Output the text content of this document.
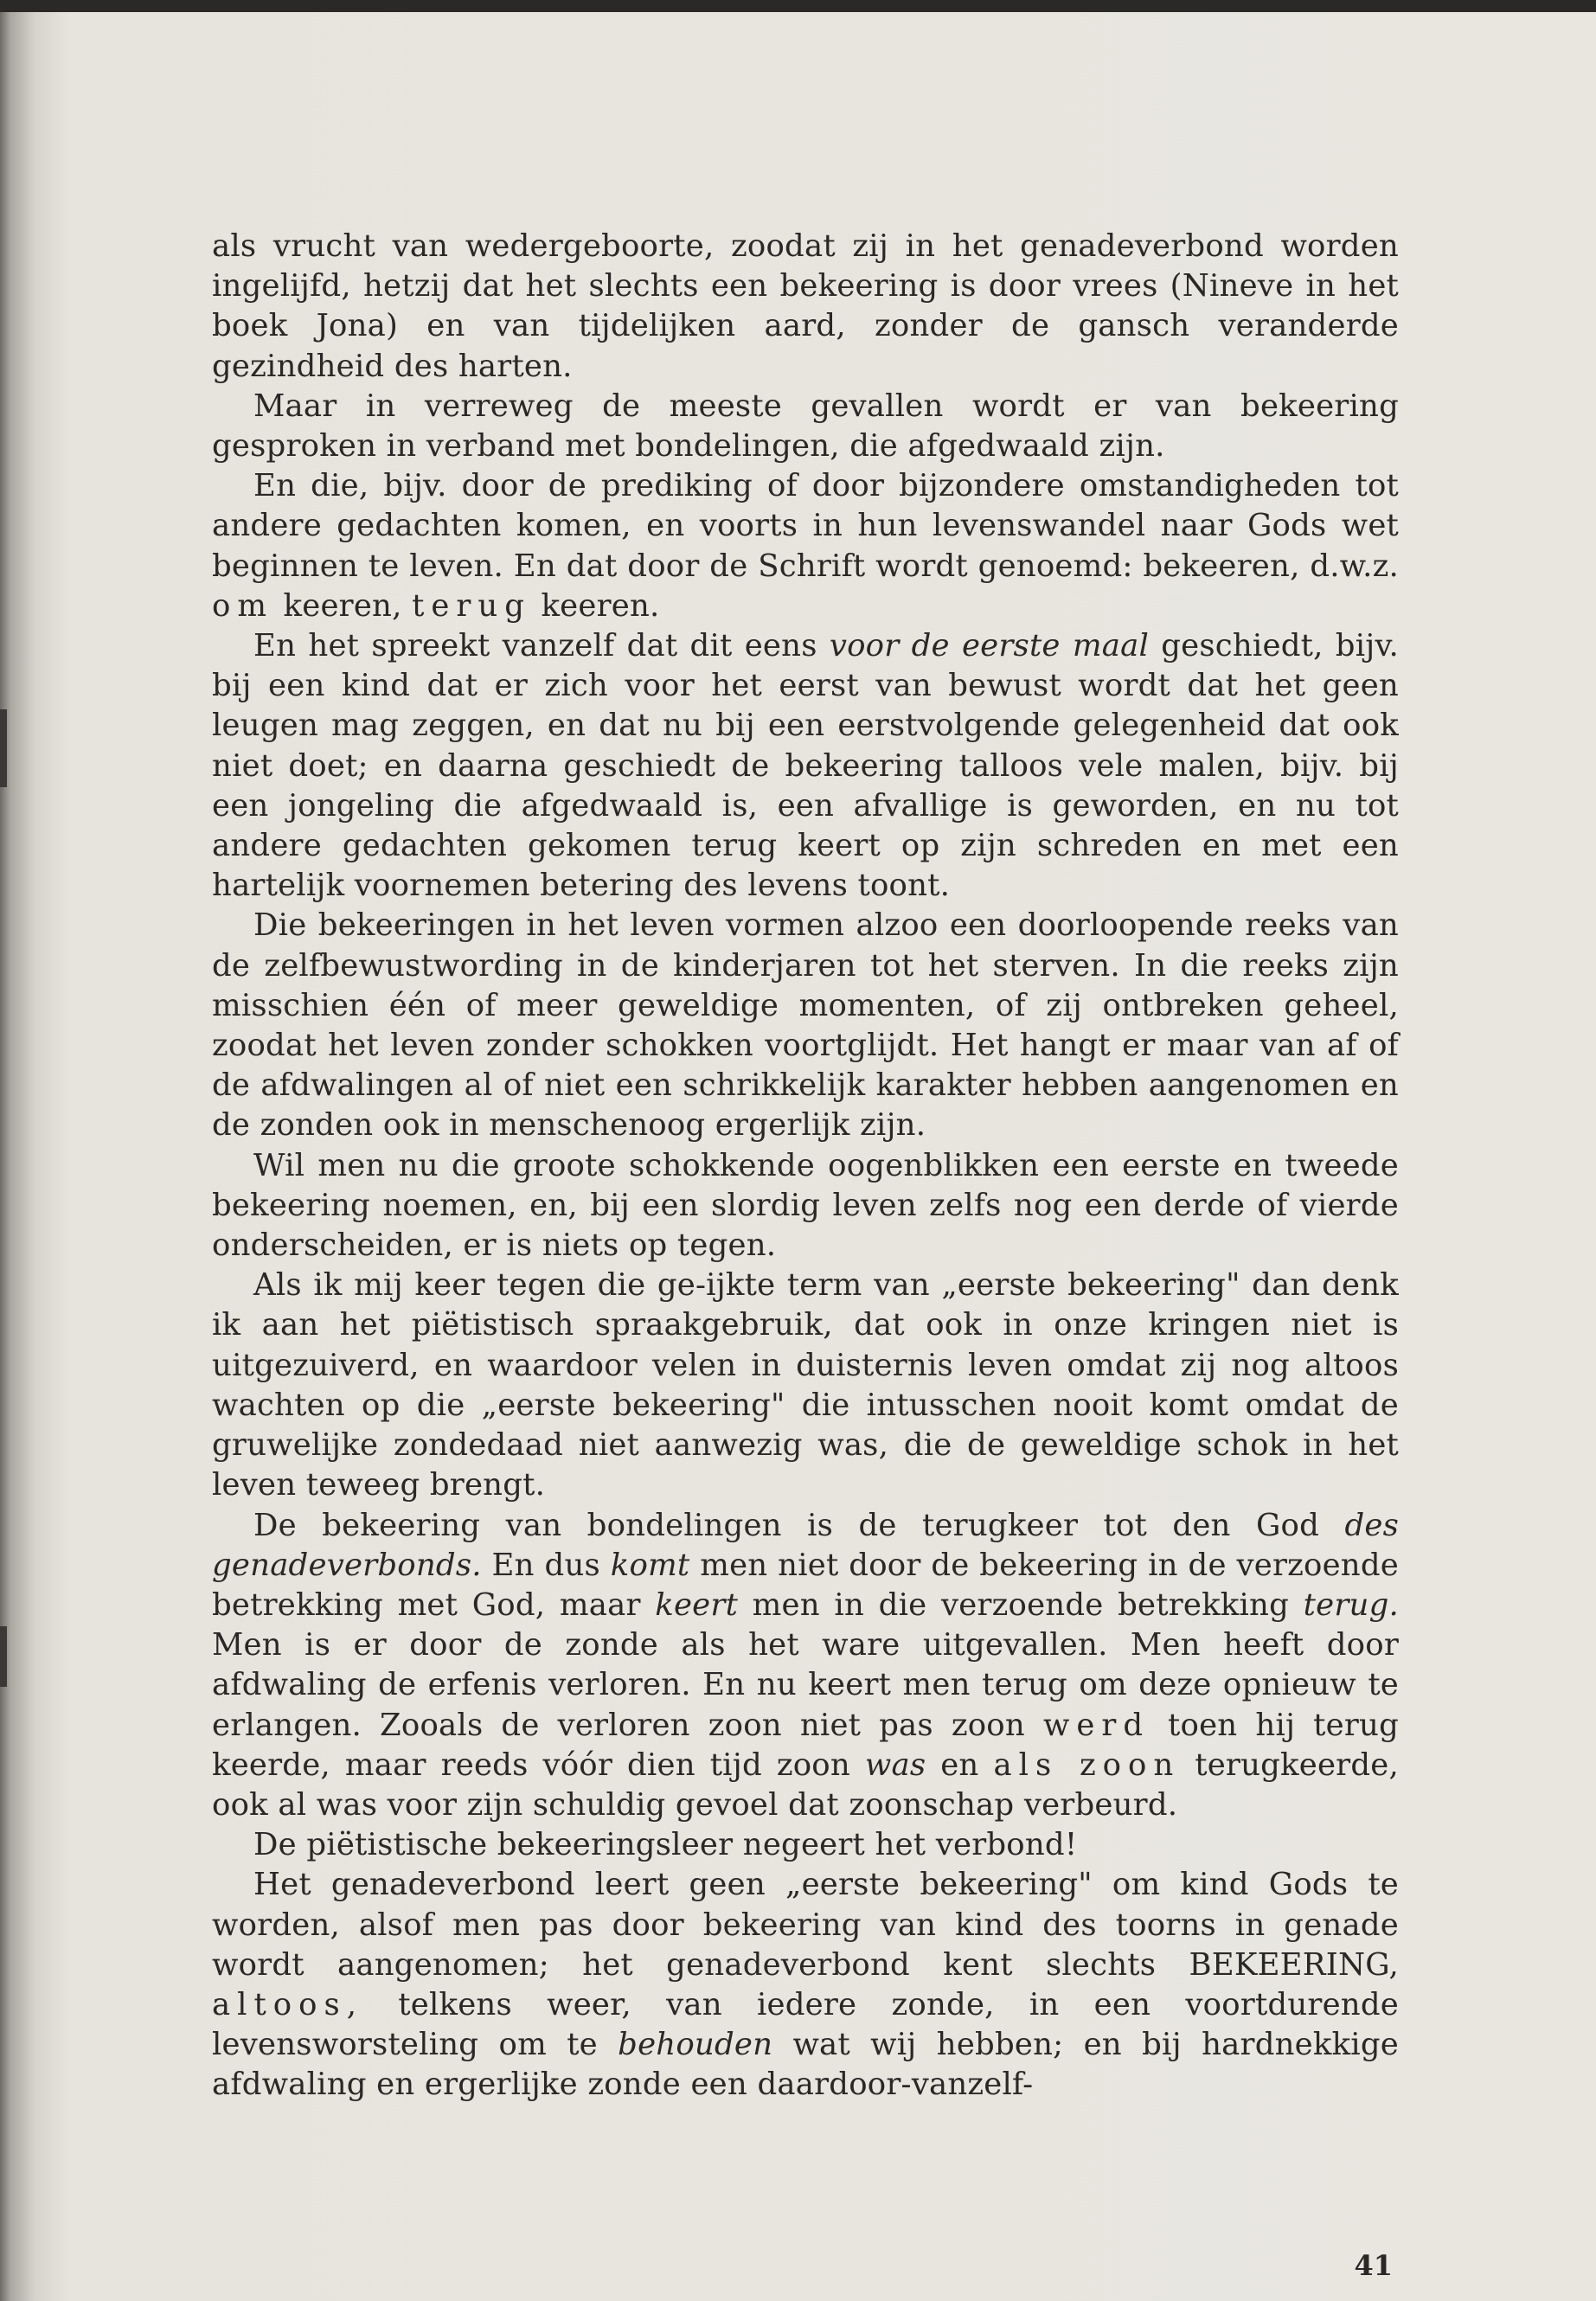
als vrucht van wedergeboorte, zoodat zij in het genadeverbond worden ingelijfd, hetzij dat het slechts een bekeering is door vrees (Nineve in het boek Jona) en van tijdelijken aard, zonder de gansch veranderde gezindheid des harten.

Maar in verreweg de meeste gevallen wordt er van bekeering gesproken in verband met bondelingen, die afgedwaald zijn.

En die, bijv. door de prediking of door bijzondere omstandigheden tot andere gedachten komen, en voorts in hun levenswandel naar Gods wet beginnen te leven. En dat door de Schrift wordt genoemd: bekeeren, d.w.z. om keeren, terug keeren.

En het spreekt vanzelf dat dit eens voor de eerste maal geschiedt, bijv. bij een kind dat er zich voor het eerst van bewust wordt dat het geen leugen mag zeggen, en dat nu bij een eerstvolgende gelegenheid dat ook niet doet; en daarna geschiedt de bekeering talloos vele malen, bijv. bij een jongeling die afgedwaald is, een afvallige is geworden, en nu tot andere gedachten gekomen terug keert op zijn schreden en met een hartelijk voornemen betering des levens toont.

Die bekeeringen in het leven vormen alzoo een doorloopende reeks van de zelfbewustwording in de kinderjaren tot het sterven. In die reeks zijn misschien één of meer geweldige momenten, of zij ontbreken geheel, zoodat het leven zonder schokken voortglijdt. Het hangt er maar van af of de afdwalingen al of niet een schrikkelijk karakter hebben aangenomen en de zonden ook in menschenoog ergerlijk zijn.

Wil men nu die groote schokkende oogenblikken een eerste en tweede bekeering noemen, en, bij een slordig leven zelfs nog een derde of vierde onderscheiden, er is niets op tegen.

Als ik mij keer tegen die ge-ijkte term van „eerste bekeering" dan denk ik aan het piëtistisch spraakgebruik, dat ook in onze kringen niet is uitgezuiverd, en waardoor velen in duisternis leven omdat zij nog altoos wachten op die „eerste bekeering" die intusschen nooit komt omdat de gruwelijke zondedaad niet aanwezig was, die de geweldige schok in het leven teweeg brengt.

De bekeering van bondelingen is de terugkeer tot den God des genadeverbonds. En dus komt men niet door de bekeering in de verzoende betrekking met God, maar keert men in die verzoende betrekking terug. Men is er door de zonde als het ware uitgevallen. Men heeft door afdwaling de erfenis verloren. En nu keert men terug om deze opnieuw te erlangen. Zooals de verloren zoon niet pas zoon werd toen hij terug keerde, maar reeds vóór dien tijd zoon was en als zoon terugkeerde, ook al was voor zijn schuldig gevoel dat zoonschap verbeurd.

De piëtistische bekeeringsleer negeert het verbond!

Het genadeverbond leert geen „eerste bekeering" om kind Gods te worden, alsof men pas door bekeering van kind des toorns in genade wordt aangenomen; het genadeverbond kent slechts BEKEERING, altoos, telkens weer, van iedere zonde, in een voortdurende levensworsteling om te behouden wat wij hebben; en bij hardnekkige afdwaling en ergerlijke zonde een daardoor-vanzelf-

41
